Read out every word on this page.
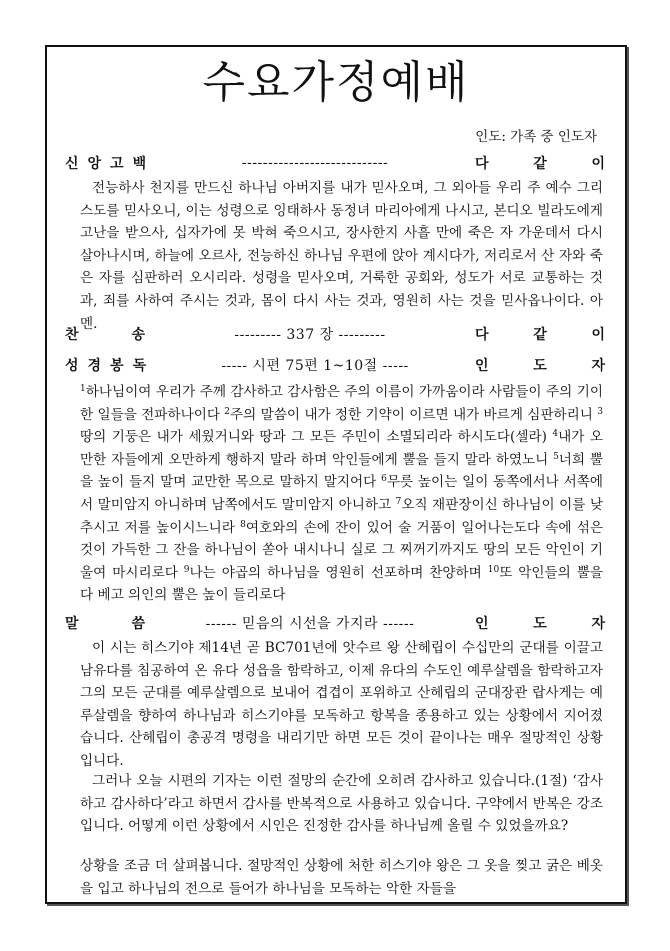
수요가정예배
인도: 가족 중 인도자
신앙고백	----------------------------	다	같	이
전능하사 천지를 만드신 하나님 아버지를 내가 믿사오며, 그 외아들 우리 주 예수 그리스도를 믿사오니, 이는 성령으로 잉태하사 동정녀 마리아에게 나시고, 본디오 빌라도에게 고난을 받으사, 십자가에 못 박혀 죽으시고, 장사한지 사흘 만에 죽은 자 가운데서 다시 살아나시며, 하늘에 오르사, 전능하신 하나님 우편에 앉아 계시다가, 저리로서 산 자와 죽은 자를 심판하러 오시리라. 성령을 믿사오며, 거룩한 공회와, 성도가 서로 교통하는 것과, 죄를 사하여 주시는 것과, 몸이 다시 사는 것과, 영원히 사는 것을 믿사옵나이다. 아멘.
찬	송	--------- 337 장 ---------	다	같	이
성경봉독	----- 시편 75편 1~10절 -----	인	도	자
$^1$하나님이여 우리가 주께 감사하고 감사함은 주의 이름이 가까움이라 사람들이 주의 기이한 일들을 전파하나이다 $^2$주의 말씀이 내가 정한 기약이 이르면 내가 바르게 심판하리니 $^3$땅의 기둥은 내가 세웠거니와 땅과 그 모든 주민이 소멸되리라 하시도다(셀라) $^4$내가 오만한 자들에게 오만하게 행하지 말라 하며 악인들에게 뿔을 들지 말라 하였노니 $^5$너희 뿔을 높이 들지 말며 교만한 목으로 말하지 말지어다 $^6$무릇 높이는 일이 동쪽에서나 서쪽에서 말미암지 아니하며 남쪽에서도 말미암지 아니하고 $^7$오직 재판장이신 하나님이 이를 낮추시고 저를 높이시느니라 $^8$여호와의 손에 잔이 있어 술 거품이 일어나는도다 속에 섞은 것이 가득한 그 잔을 하나님이 쏟아 내시나니 실로 그 찌꺼기까지도 땅의 모든 악인이 기울여 마시리로다 $^9$나는 야곱의 하나님을 영원히 선포하며 찬양하며 $^{10}$또 악인들의 뿔을 다 베고 의인의 뿔은 높이 들리로다
말	씀	------ 믿음의 시선을 가지라 ------	인	도	자
이 시는 히스기야 제14년 곧 BC701년에 앗수르 왕 산헤립이 수십만의 군대를 이끌고 남유다를 침공하여 온 유다 성읍을 함락하고, 이제 유다의 수도인 예루살렘을 함락하고자 그의 모든 군대를 예루살렘으로 보내어 겹겹이 포위하고 산헤립의 군대장관 랍사게는 예루살렘을 향하여 하나님과 히스기야를 모독하고 항복을 종용하고 있는 상황에서 지어졌습니다. 산헤립이 총공격 명령을 내리기만 하면 모든 것이 끝이나는 매우 절망적인 상황입니다.
그러나 오늘 시편의 기자는 이런 절망의 순간에 오히려 감사하고 있습니다.(1절) ‘감사하고 감사하다’라고 하면서 감사를 반복적으로 사용하고 있습니다. 구약에서 반복은 강조입니다. 어떻게 이런 상황에서 시인은 진정한 감사를 하나님께 올릴 수 있었을까요?
상황을 조금 더 살펴봅니다. 절망적인 상황에 처한 히스기야 왕은 그 옷을 찢고 굵은 베옷을 입고 하나님의 전으로 들어가 하나님을 모독하는 악한 자들을
